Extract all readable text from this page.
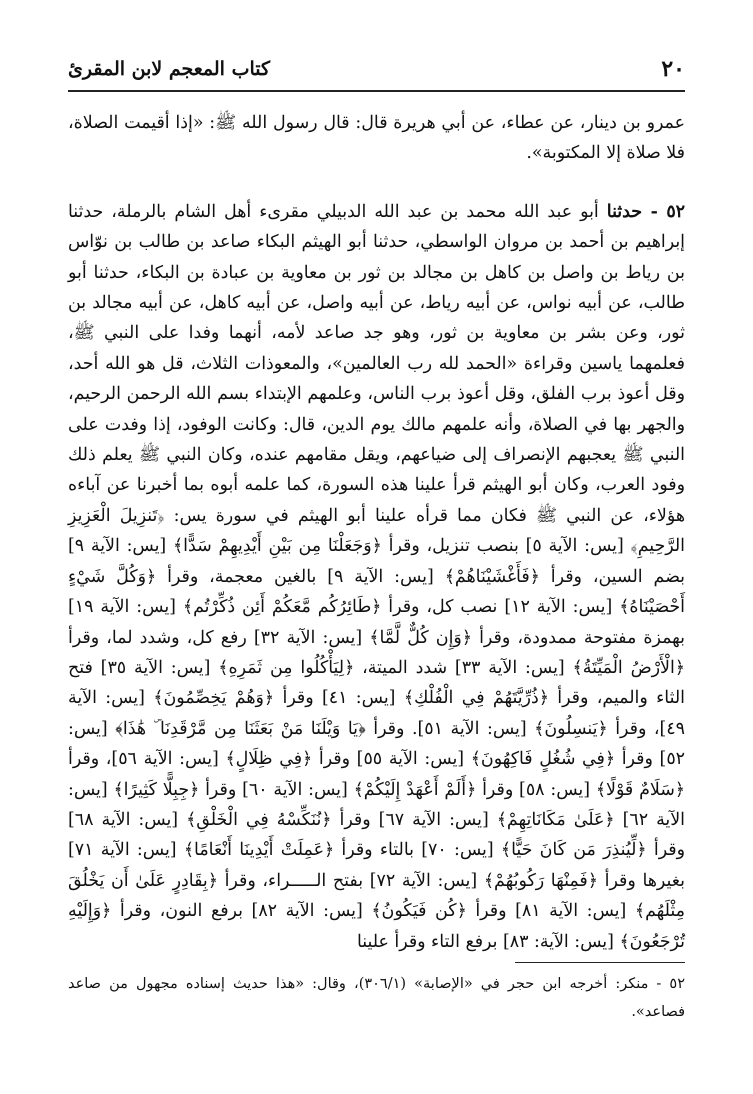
٢٠
كتاب المعجم لابن المقرئ

عمرو بن دينار، عن عطاء، عن أبي هريرة قال: قال رسول الله ﷺ: «إذا أقيمت الصلاة، فلا صلاة إلا المكتوبة».

٥٢ - حدثنا أبو عبد الله محمد بن عبد الله الدبيلي مقرىء أهل الشام بالرملة، حدثنا إبراهيم بن أحمد بن مروان الواسطي، حدثنا أبو الهيثم البكاء صاعد بن طالب بن نوّاس بن رياط بن واصل بن كاهل بن مجالد بن ثور بن معاوية بن عبادة بن البكاء، حدثنا أبو طالب، عن أبيه نواس، عن أبيه رياط، عن أبيه واصل، عن أبيه كاهل، عن أبيه مجالد بن ثور، وعن بشر بن معاوية بن ثور، وهو جد صاعد لأمه، أنهما وفدا على النبي ﷺ، فعلمهما ياسين وقراءة «الحمد لله رب العالمين»، والمعوذات الثلاث، قل هو الله أحد، وقل أعوذ برب الفلق، وقل أعوذ برب الناس، وعلمهم الإبتداء بسم الله الرحمن الرحيم، والجهر بها في الصلاة، وأنه علمهم مالك يوم الدين، قال: وكانت الوفود، إذا وفدت على النبي ﷺ يعجبهم الإنصراف إلى ضياعهم، ويقل مقامهم عنده، وكان النبي ﷺ يعلم ذلك وفود العرب، وكان أبو الهيثم قرأ علينا هذه السورة، كما علمه أبوه بما أخبرنا عن آباءه هؤلاء، عن النبي ﷺ فكان مما قرأه علينا أبو الهيثم في سورة يس: ﴿تَنزِيلَ الْعَزِيزِ الرَّحِيمِ﴾ [يس: الآية ٥] بنصب تنزيل، وقرأ ﴿وَجَعَلْنَا مِن بَيْنِ أَيْدِيهِمْ سَدًّا﴾ [يس: الآية ٩] بضم السين، وقرأ ﴿فَأَغْشَيْنَاهُمْ﴾ [يس: الآية ٩] بالغين معجمة، وقرأ ﴿وَكُلَّ شَيْءٍ أَحْصَيْنَاهُ﴾ [يس: الآية ١٢] نصب كل، وقرأ ﴿طَائِرُكُم مَّعَكُمْ أَئِن ذُكِّرْتُم﴾ [يس: الآية ١٩] بهمزة مفتوحة ممدودة، وقرأ ﴿وَإِن كُلٌّ لَّمَّا﴾ [يس: الآية ٣٢] رفع كل، وشدد لما، وقرأ ﴿الْأَرْضُ الْمَيِّتَةُ﴾ [يس: الآية ٣٣] شدد الميتة، ﴿لِيَأْكُلُوا مِن ثَمَرِهِ﴾ [يس: الآية ٣٥] فتح الثاء والميم، وقرأ ﴿ذُرِّيَّتَهُمْ فِي الْفُلْكِ﴾ [يس: ٤١] وقرأ ﴿وَهُمْ يَخِصِّمُونَ﴾ [يس: الآية ٤٩]، وقرأ ﴿يَنسِلُونَ﴾ [يس: الآية ٥١]. وقرأ ﴿يَا وَيْلَنَا مَنْ بَعَثَنَا مِن مَّرْقَدِنَا ۜ هَٰذَا﴾ [يس: ٥٢] وقرأ ﴿فِي شُغُلٍ فَاكِهُونَ﴾ [يس: الآية ٥٥] وقرأ ﴿فِي ظِلَالٍ﴾ [يس: الآية ٥٦]، وقرأ ﴿سَلَامٌ قَوْلًا﴾ [يس: ٥٨] وقرأ ﴿أَلَمْ أَعْهَدْ إِلَيْكُمْ﴾ [يس: الآية ٦٠] وقرأ ﴿جِبِلًّا كَثِيرًا﴾ [يس: الآية ٦٢] ﴿عَلَىٰ مَكَانَاتِهِمْ﴾ [يس: الآية ٦٧] وقرأ ﴿نُنَكِّسْهُ فِي الْخَلْقِ﴾ [يس: الآية ٦٨] وقرأ ﴿لِّيُنذِرَ مَن كَانَ حَيًّا﴾ [يس: ٧٠] بالتاء وقرأ ﴿عَمِلَتْ أَيْدِينَا أَنْعَامًا﴾ [يس: الآية ٧١] بغيرها وقرأ ﴿فَمِنْهَا رَكُوبُهُمْ﴾ [يس: الآية ٧٢] بفتح الـــــراء، وقرأ ﴿بِقَادِرٍ عَلَىٰ أَن يَخْلُقَ مِثْلَهُم﴾ [يس: الآية ٨١] وقرأ ﴿كُن فَيَكُونُ﴾ [يس: الآية ٨٢] برفع النون، وقرأ ﴿وَإِلَيْهِ تُرْجَعُونَ﴾ [يس: الآية: ٨٣] برفع التاء وقرأ علينا

٥٢ - منكر: أخرجه ابن حجر في «الإصابة» (٣٠٦/١)، وقال: «هذا حديث إسناده مجهول من صاعد فصاعد».
